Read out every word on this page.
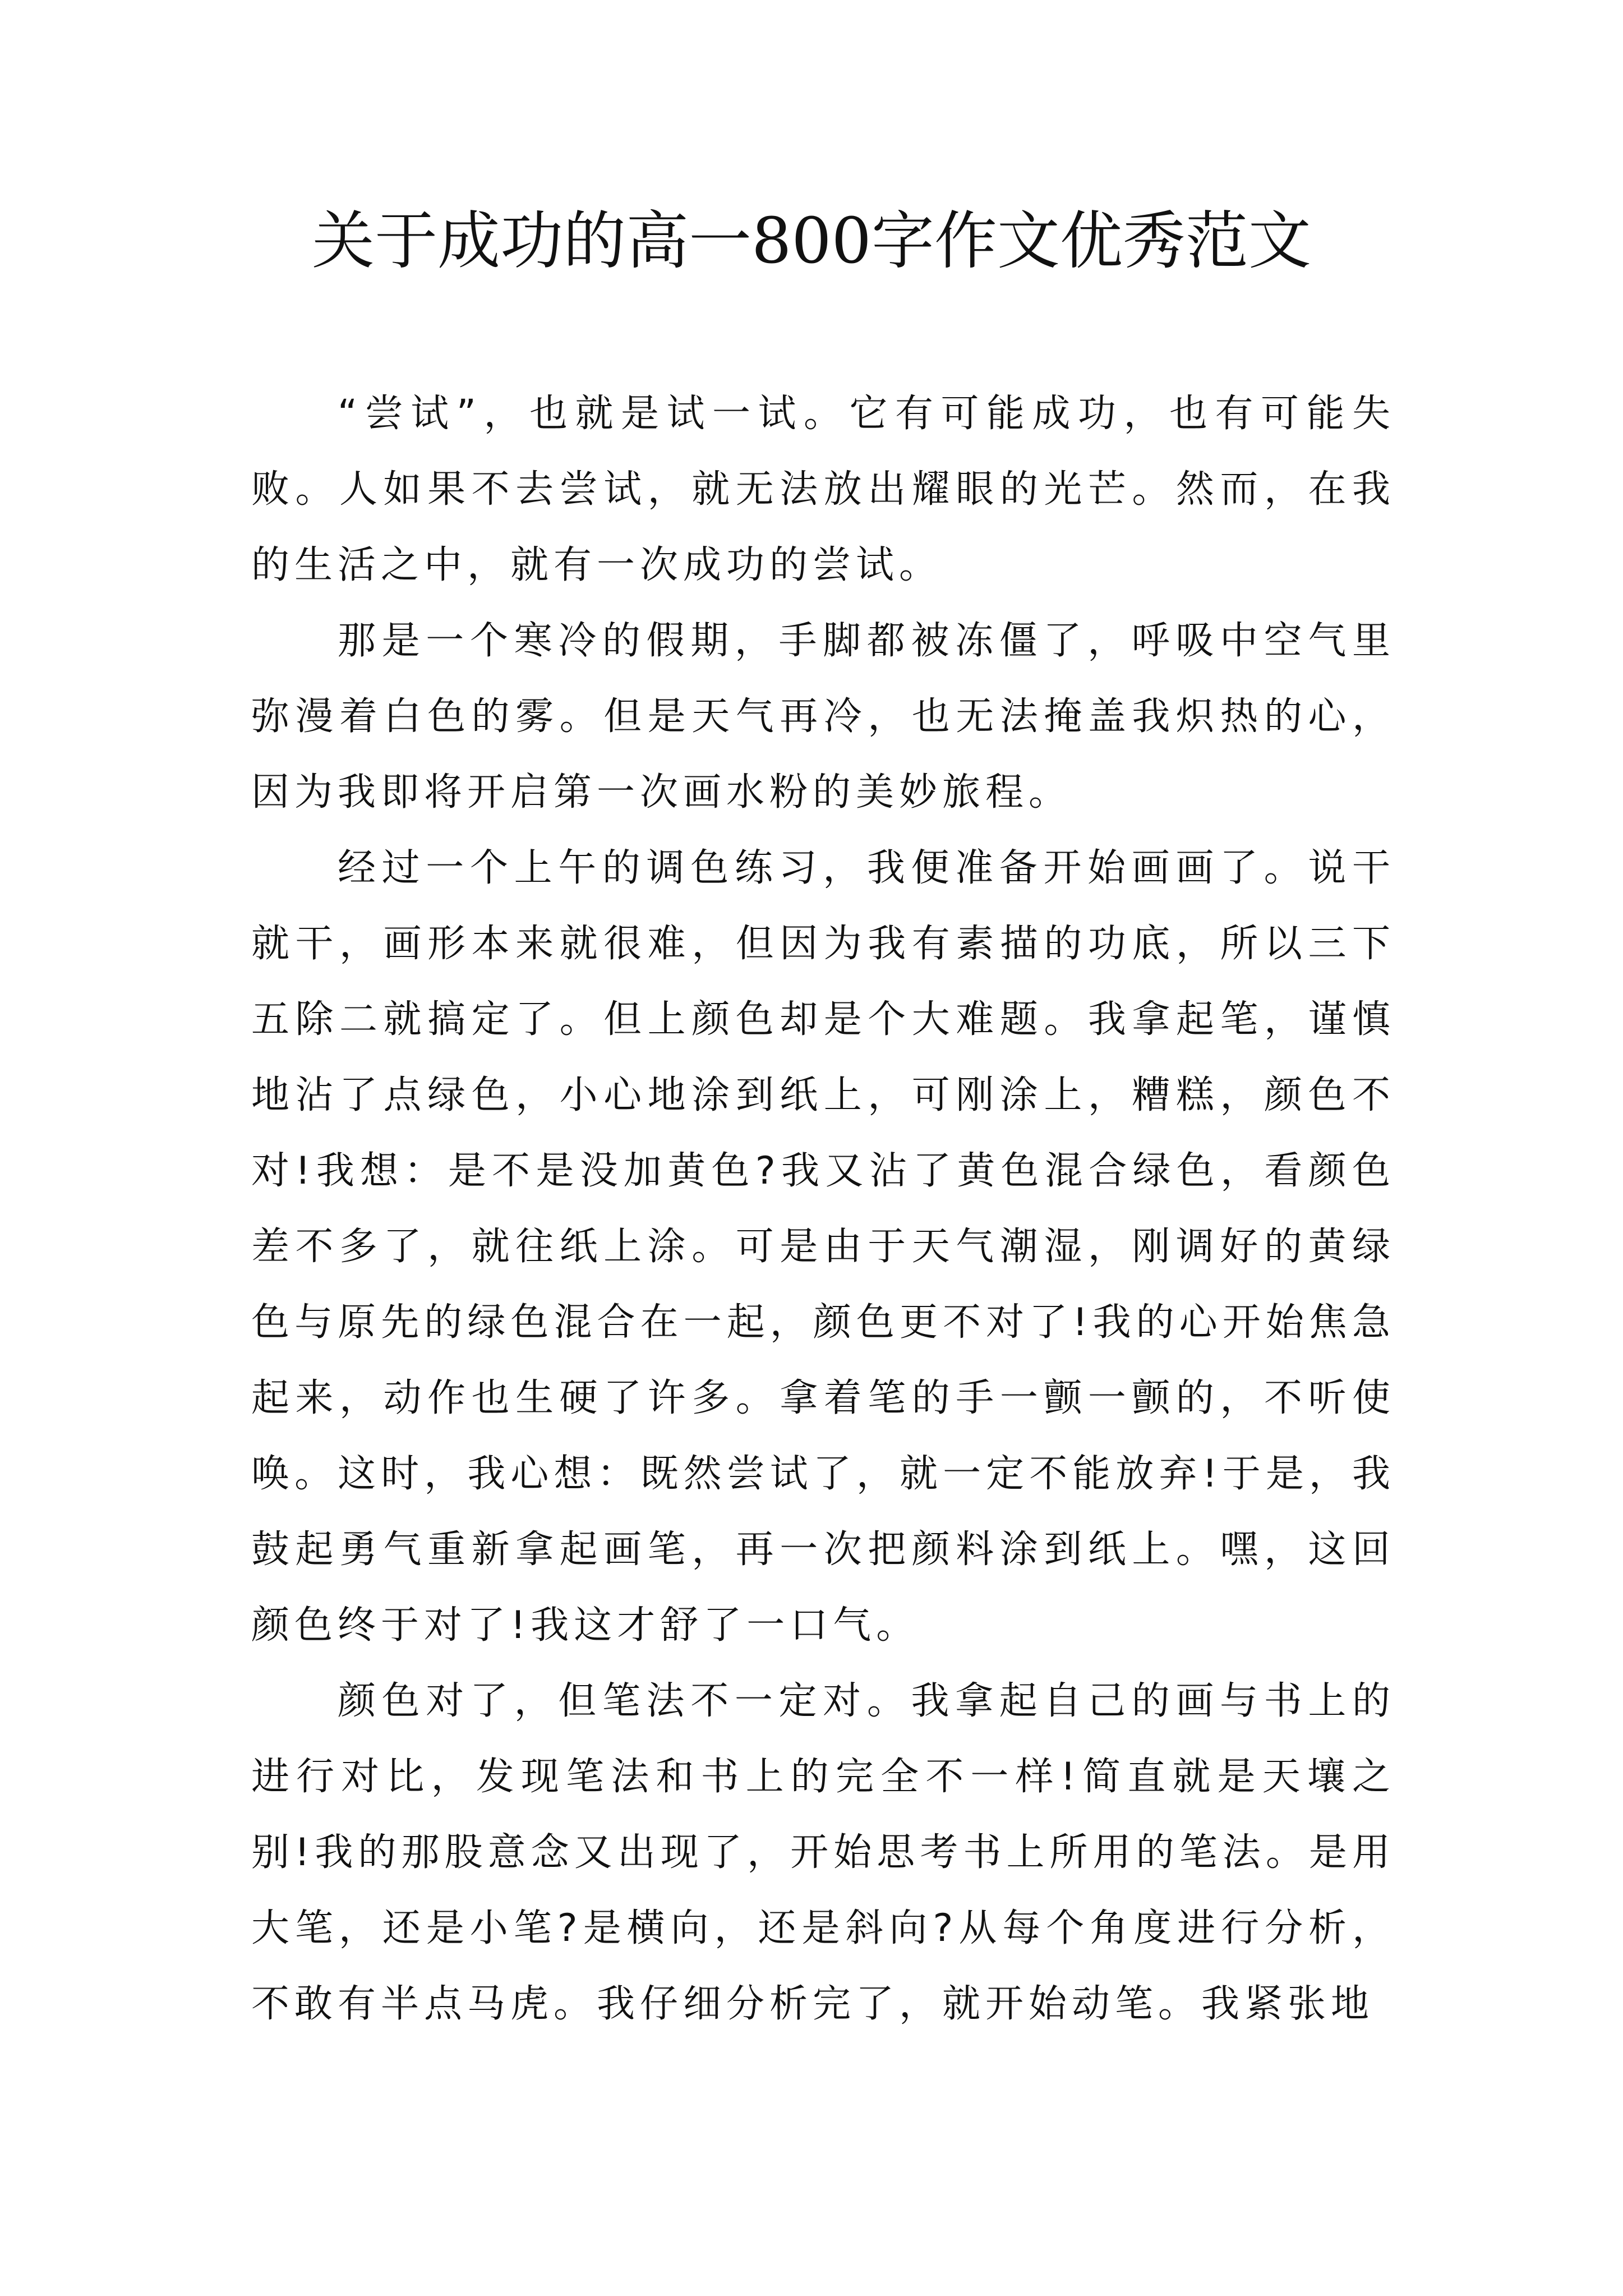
关于成功的高一800字作文优秀范文

“尝试”，也就是试一试。它有可能成功，也有可能失败。人如果不去尝试，就无法放出耀眼的光芒。然而，在我的生活之中，就有一次成功的尝试。

那是一个寒冷的假期，手脚都被冻僵了，呼吸中空气里弥漫着白色的雾。但是天气再冷，也无法掩盖我炽热的心，因为我即将开启第一次画水粉的美妙旅程。

经过一个上午的调色练习，我便准备开始画画了。说干就干，画形本来就很难，但因为我有素描的功底，所以三下五除二就搞定了。但上颜色却是个大难题。我拿起笔，谨慎地沾了点绿色，小心地涂到纸上，可刚涂上，糟糕，颜色不对!我想：是不是没加黄色?我又沾了黄色混合绿色，看颜色差不多了，就往纸上涂。可是由于天气潮湿，刚调好的黄绿色与原先的绿色混合在一起，颜色更不对了!我的心开始焦急起来，动作也生硬了许多。拿着笔的手一颤一颤的，不听使唤。这时，我心想：既然尝试了，就一定不能放弃!于是，我鼓起勇气重新拿起画笔，再一次把颜料涂到纸上。嘿，这回颜色终于对了!我这才舒了一口气。

颜色对了，但笔法不一定对。我拿起自己的画与书上的进行对比，发现笔法和书上的完全不一样!简直就是天壤之别!我的那股意念又出现了，开始思考书上所用的笔法。是用大笔，还是小笔?是横向，还是斜向?从每个角度进行分析，不敢有半点马虎。我仔细分析完了，就开始动笔。我紧张地
